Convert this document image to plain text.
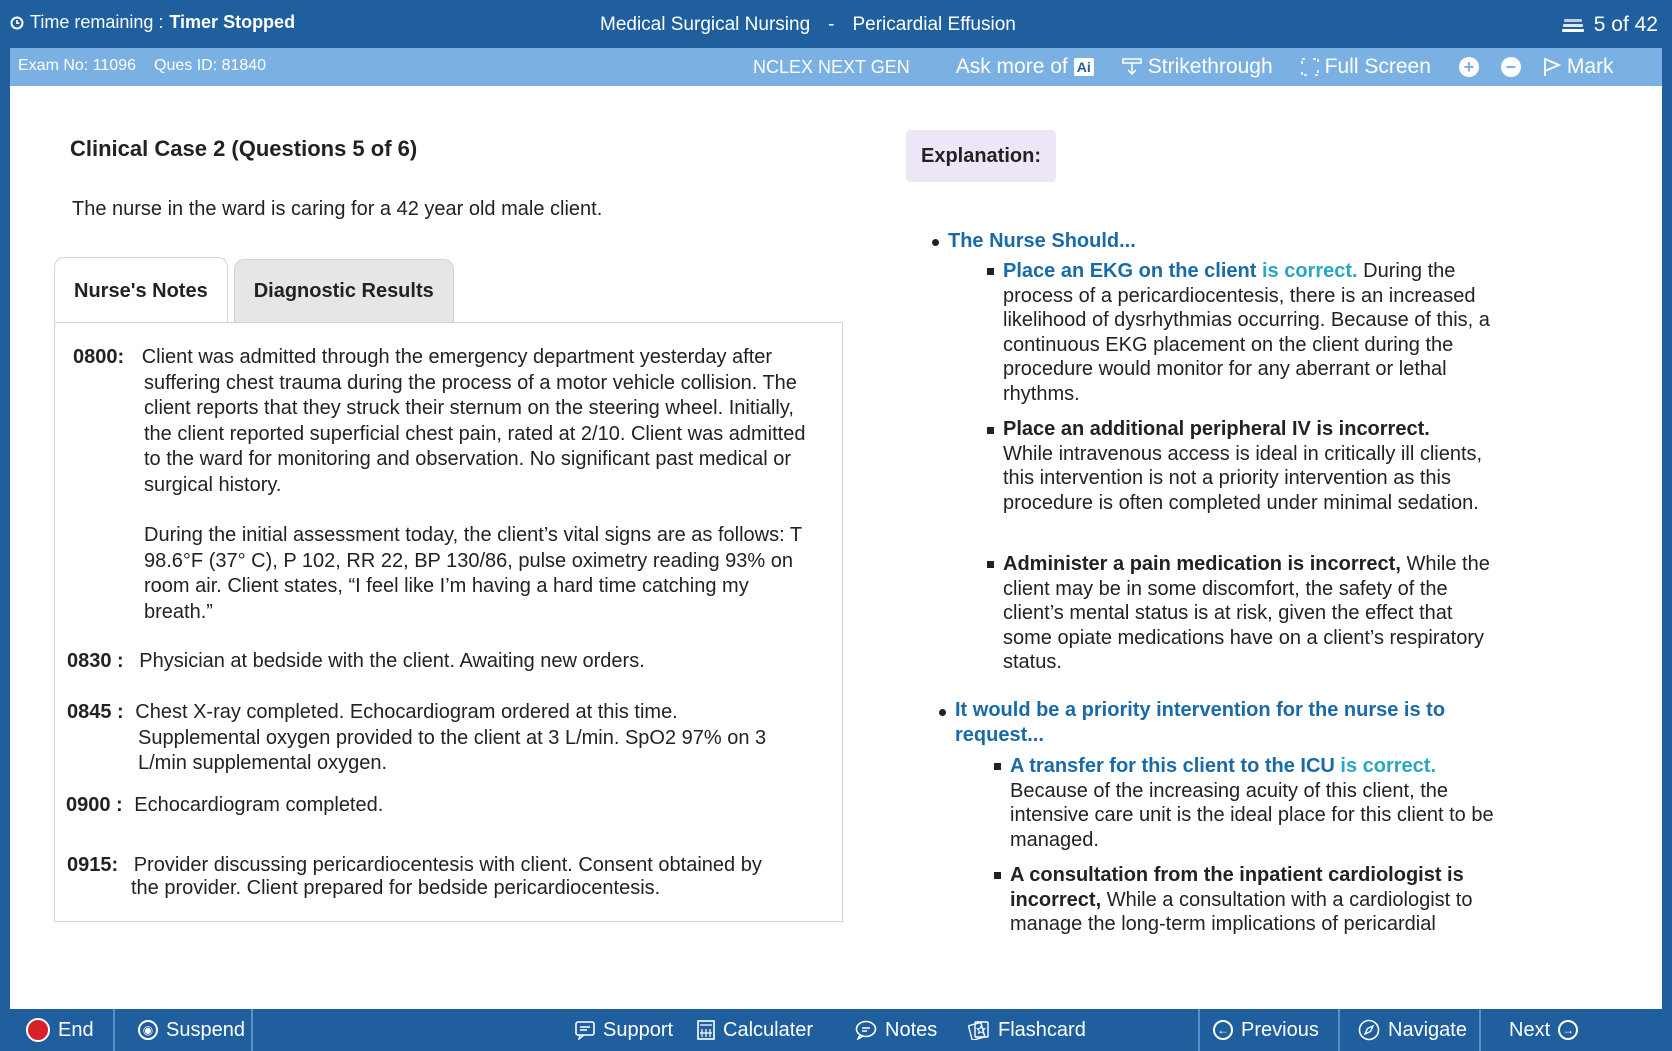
Time remaining : Timer Stopped	Medical Surgical Nursing - Pericardial Effusion	5 of 42
Exam No: 11096 Ques ID: 81840	NCLEX NEXT GEN Ask more of Ai	Strikethrough Full Screen + − Mark
Clinical Case 2 (Questions 5 of 6)
The nurse in the ward is caring for a 42 year old male client.
Nurse's Notes	Diagnostic Results
0800: Client was admitted through the emergency department yesterday after
suffering chest trauma during the process of a motor vehicle collision. The client reports that they struck their sternum on the steering wheel. Initially, the client reported superficial chest pain, rated at 2/10. Client was admitted to the ward for monitoring and observation. No significant past medical or surgical history.
During the initial assessment today, the client’s vital signs are as follows: T 98.6°F (37° C), P 102, RR 22, BP 130/86, pulse oximetry reading 93% on room air. Client states, “I feel like I’m having a hard time catching my breath.”
0830 : Physician at bedside with the client. Awaiting new orders.
0845 : Chest X-ray completed. Echocardiogram ordered at this time.
Supplemental oxygen provided to the client at 3 L/min. SpO2 97% on 3 L/min supplemental oxygen.
0900 : Echocardiogram completed.
0915: Provider discussing pericardiocentesis with client. Consent obtained by
the provider. Client prepared for bedside pericardiocentesis.
Explanation:
The Nurse Should...
Place an EKG on the client is correct. During the process of a pericardiocentesis, there is an increased likelihood of dysrhythmias occurring. Because of this, a continuous EKG placement on the client during the procedure would monitor for any aberrant or lethal rhythms.
Place an additional peripheral IV is incorrect.
While intravenous access is ideal in critically ill clients, this intervention is not a priority intervention as this procedure is often completed under minimal sedation.
Administer a pain medication is incorrect, While the client may be in some discomfort, the safety of the client’s mental status is at risk, given the effect that some opiate medications have on a client’s respiratory status.
It would be a priority intervention for the nurse is to request...
A transfer for this client to the ICU is correct.
Because of the increasing acuity of this client, the intensive care unit is the ideal place for this client to be managed.
A consultation from the inpatient cardiologist is incorrect, While a consultation with a cardiologist to manage the long-term implications of pericardial
End	◉ Suspend	Support Calculater	Notes	Flashcard	← Previous	Navigate Next	→
